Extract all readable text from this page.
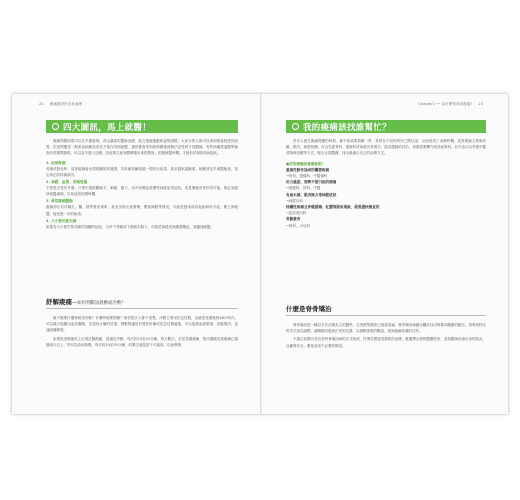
22 痠痛疲勞的全身處理
四大圖訊，馬上就醫！

痠痛問題如果可以在早期發現，或由適當的醫師治療，配合復健運動和姿勢調整，大部分的人都可以得到相當程度的改善。但是問題是一般來說病痛患者並不會在初期就醫，通常都會等到病情嚴重到無法忍受時才找醫師。有些病痛透過醫學檢查有效期間發現，可以及早進入治療。因此要注意身體傳遞出來的警訊，把握就醫時機，才能有效預防疾病惡化。

1. 局部疼痛

受傷或發炎時，局部組織會出現明顯的疼痛感，若疼痛持續超過一週仍未改善，甚至越來越嚴重，就應該及早就醫檢查，找出真正的疼痛原因。

2. 神經、血管、骨頭受損

不管是否受有外傷，只要出現肢體麻木、刺痛、無力、冰冷或顏色改變等神經血管症狀，或是懷疑有骨折的可能，都必須盡快就醫處理，以免延誤治療時機。

3. 異常發熱腫脹

痠痛部位若伴隨紅、腫、熱等發炎現象，甚至出現全身發燒、體重減輕等情況，可能是感染或其他疾病所引起，應立即就醫，接受進一步的檢查。

4. 大小便功能失調

如果有大小便失禁或解尿困難的症狀，合併下背痛或下肢麻木無力，可能是神經受到嚴重壓迫，須儘速就醫。

紓解痠痛──如何判斷該熱敷或冷敷？

痠不痠要什麼時候該冷敷？什麼時候要熱敷？相信很多人都不清楚。冷敷主要用於急性期，也就是受傷後的48小時內，可以減少組織出血及腫脹，並達到止痛的效果；熱敷則適用於慢性疼痛或是急性期過後，可以促進血液循環、放鬆肌肉，加速組織修復。

如果是受傷後馬上出現紅腫熱痛，建議先冷敷，每次約15至20分鐘，每天數次；若是長期痠痛、肌肉僵硬或是痠痛已超過兩天以上，則可以改用熱敷，每次約15至20分鐘，但要注意溫度不可過高，以免燙傷。

Chapter1 ── 為什麼常常會痠痛? 23
我的痠痛該找誰幫忙？

許多人發生痠痛問題的時候，都不知道要看哪一科，常常在不同的科別之間往返，反而延誤了治療時機。其實痠痛主要與骨骼、肌肉、神經相關，可以先從骨科、復健科或神經內科著手，經由醫師的評估，再視需要轉介到其他專科。另外也可以考慮中醫或物理治療等方式，配合正規醫療，找出最適合自己的治療方式。

●你的痠痛該看哪裡呢？
重複性動作造成的關節疼痛
→骨科、復健科、中醫傷科
用力過度、姿勢不當引起的痠痛
→復健科、骨科、中醫
有麻木感、肌肉無力等神經症狀
→神經內科
持續性疼痛且伴隨發燒、紅腫等發炎現象，需要盡快檢查的
→急診或內科
骨骼發育
→骨科、小兒科
什麼是脊骨矯治

脊骨矯治是一種以手法治療為主的醫學，在美國等國家已相當普遍。脊骨矯治師藉由觸診找出脊椎或關節的錯位，再利用特定的手法加以調整，讓關節回復到正常的位置，以減輕神經的壓迫，達到緩解疼痛的目的。

不過目前國內並沒有脊骨矯治師的正式執照，民眾若想接受類似的治療，應選擇合格的醫療院所，並與醫師討論自身的狀況，以確保安全，避免造成不必要的傷害。
